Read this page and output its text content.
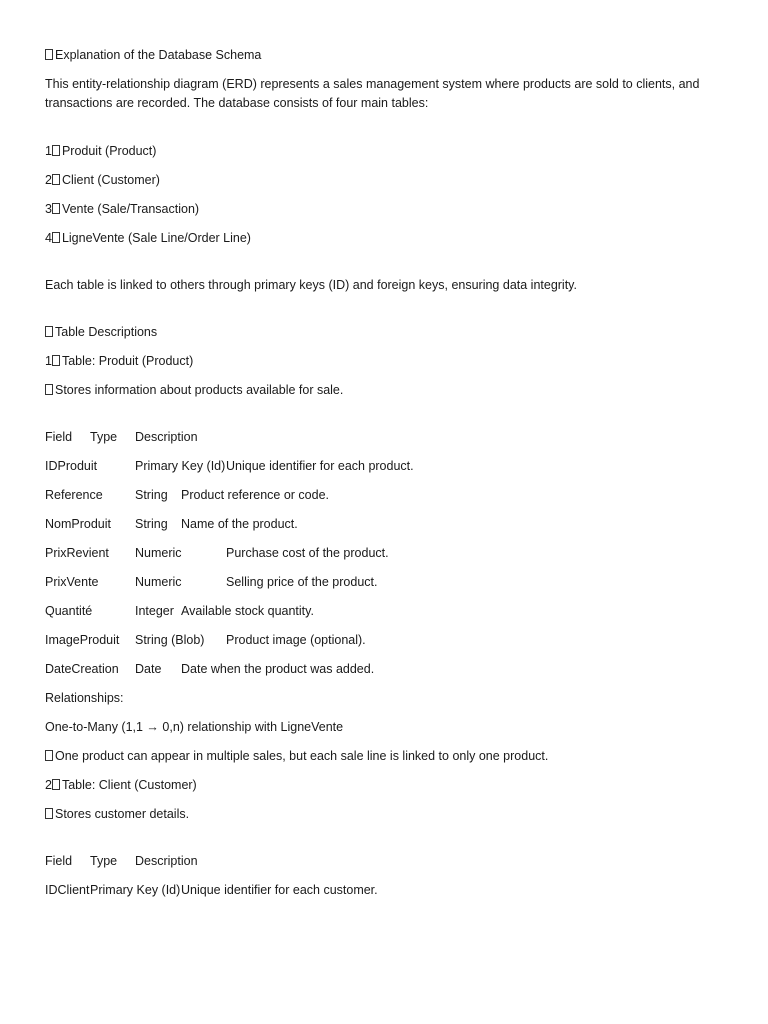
Explanation of the Database Schema
This entity-relationship diagram (ERD) represents a sales management system where products are sold to clients, and transactions are recorded. The database consists of four main tables:
1 Produit (Product)
2 Client (Customer)
3 Vente (Sale/Transaction)
4 LigneVente (Sale Line/Order Line)
Each table is linked to others through primary keys (ID) and foreign keys, ensuring data integrity.
Table Descriptions
1 Table: Produit (Product)
Stores information about products available for sale.
Field Type Description
IDProduit	Primary Key (Id) Unique identifier for each product.
Reference	String Product reference or code.
NomProduit String Name of the product.
PrixRevient Numeric	Purchase cost of the product.
PrixVente	Numeric	Selling price of the product.
Quantité	Integer Available stock quantity.
ImageProduit String (Blob) Product image (optional).
DateCreation Date Date when the product was added.
Relationships:
One-to-Many (1,1 → 0,n) relationship with LigneVente
One product can appear in multiple sales, but each sale line is linked to only one product.
2 Table: Client (Customer)
Stores customer details.
Field Type Description
IDClient Primary Key (Id) Unique identifier for each customer.
